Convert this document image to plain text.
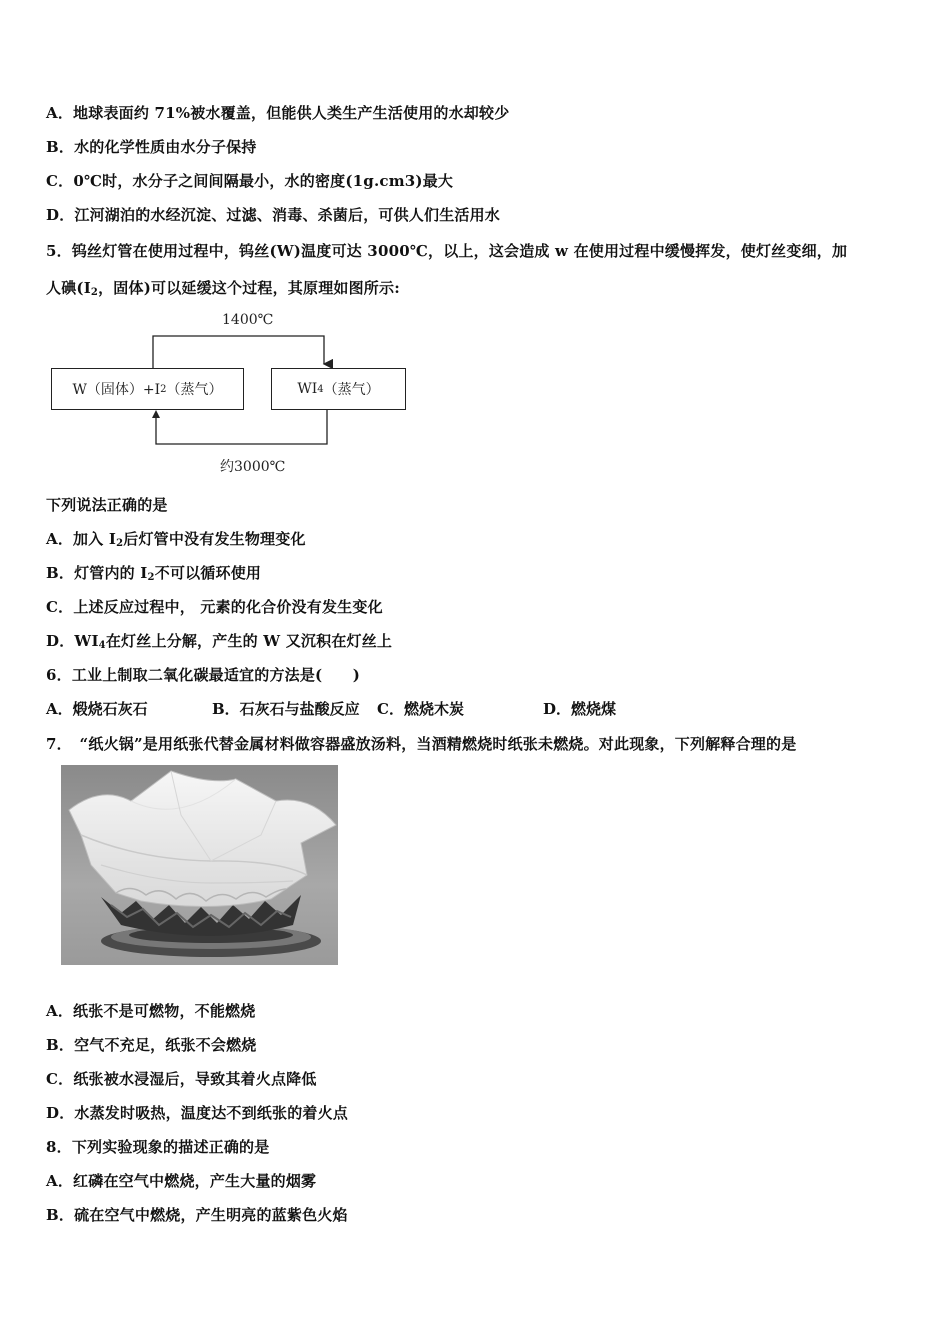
A．地球表面约 71%被水覆盖，但能供人类生产生活使用的水却较少
B．水的化学性质由水分子保持
C．0℃时，水分子之间间隔最小，水的密度(1g.cm3)最大
D．江河湖泊的水经沉淀、过滤、消毒、杀菌后，可供人们生活用水
5．钨丝灯管在使用过程中，钨丝(W)温度可达 3000℃，以上，这会造成 w 在使用过程中缓慢挥发，使灯丝变细，加
人碘($I_2$，固体)可以延缓这个过程，其原理如图所示:
1400℃
W（固体）+I 2 （蒸气）	WI 4 （蒸气）
约3000℃
下列说法正确的是
A．加入 $I_2$后灯管中没有发生物理变化
B．灯管内的 $I_2$不可以循环使用
C．上述反应过程中， 元素的化合价没有发生变化
D．$WI_4$在灯丝上分解，产生的 W 又沉积在灯丝上
6．工业上制取二氧化碳最适宜的方法是(　　)
A．煅烧石灰石	B．石灰石与盐酸反应 C．燃烧木炭	D．燃烧煤
7．　“纸火锅”是用纸张代替金属材料做容器盛放汤料，当酒精燃烧时纸张未燃烧。对此现象，下列解释合理的是
A．纸张不是可燃物，不能燃烧
B．空气不充足，纸张不会燃烧
C．纸张被水浸湿后，导致其着火点降低
D．水蒸发时吸热，温度达不到纸张的着火点
8．下列实验现象的描述正确的是
A．红磷在空气中燃烧，产生大量的烟雾
B．硫在空气中燃烧，产生明亮的蓝紫色火焰
